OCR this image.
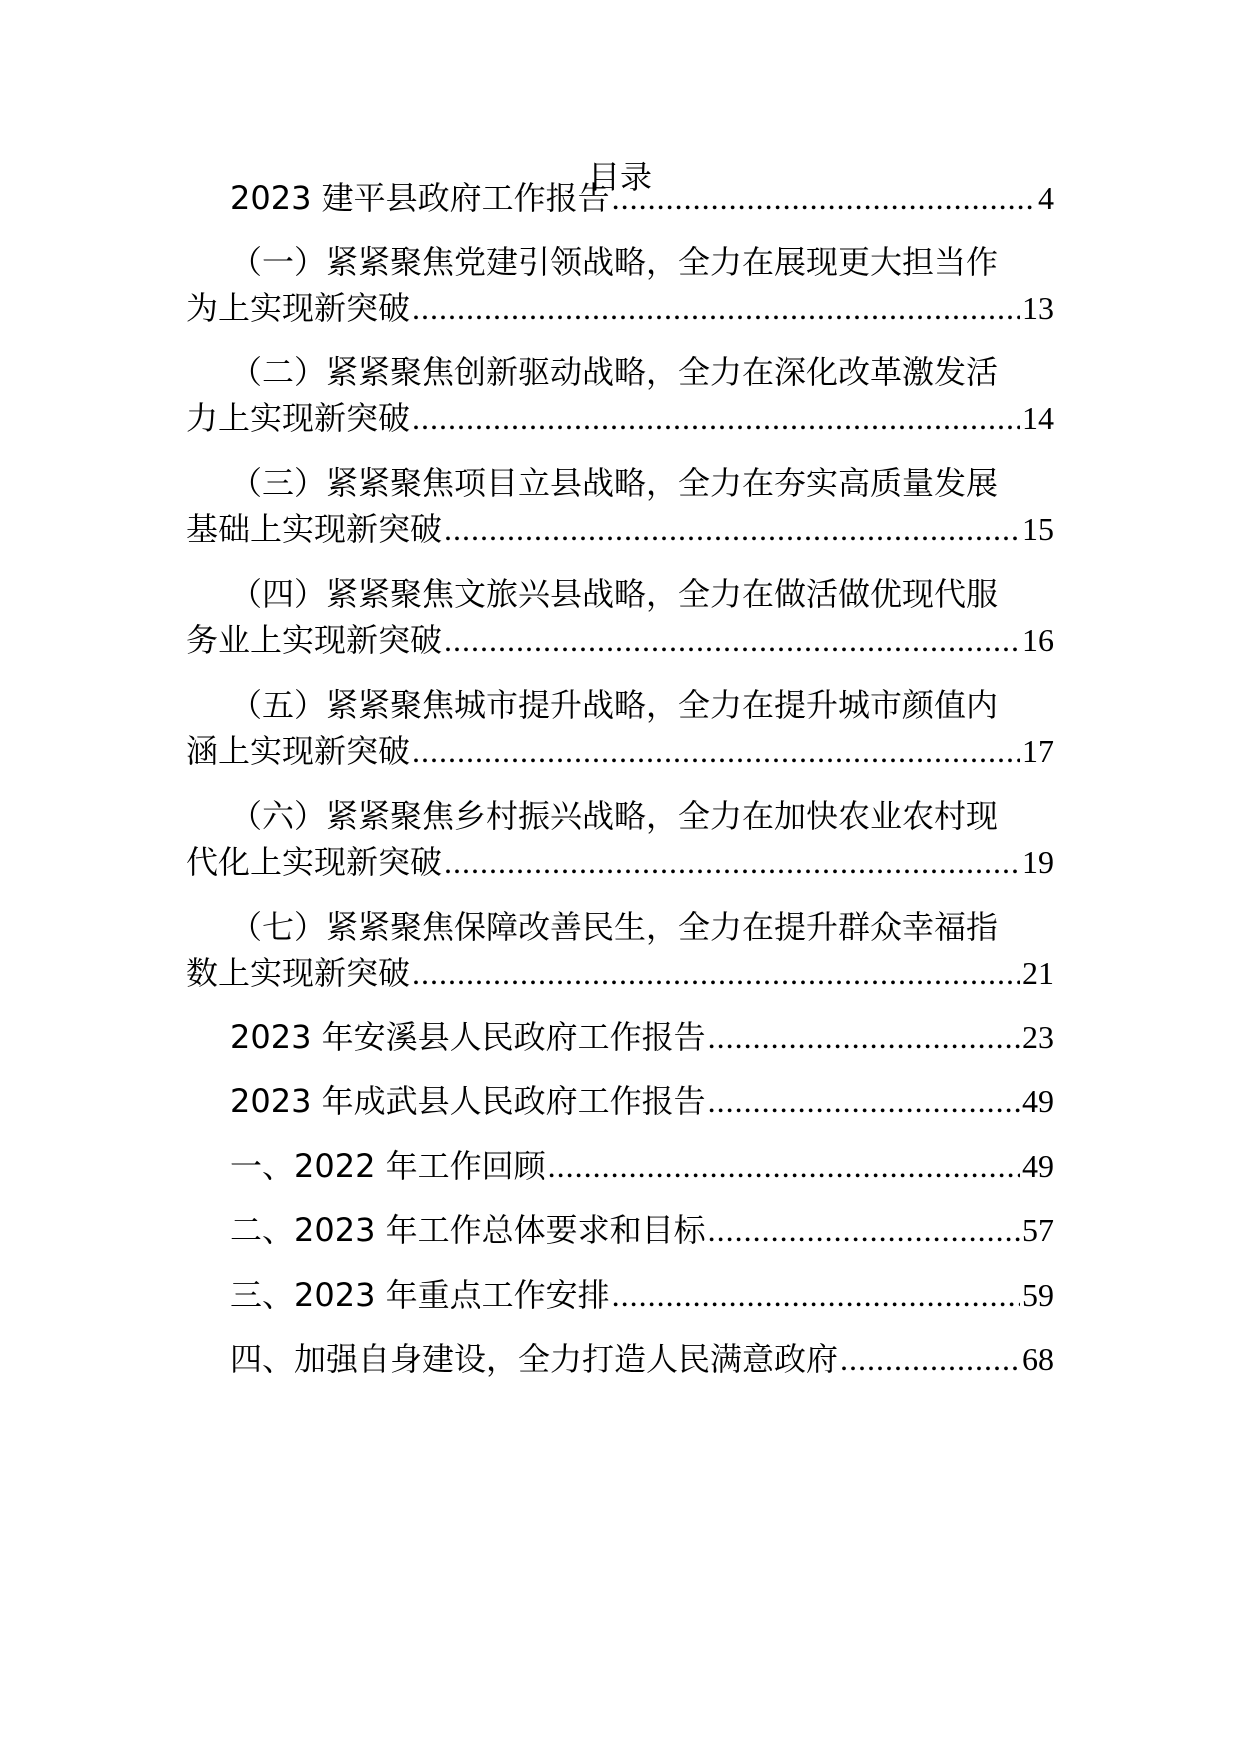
目录
2023 建平县政府工作报告 .....	4
（一）紧紧聚焦党建引领战略，全力在展现更大担当作
为上实现新突破 .....	13
（二）紧紧聚焦创新驱动战略，全力在深化改革激发活
力上实现新突破 .....	14
（三）紧紧聚焦项目立县战略，全力在夯实高质量发展
基础上实现新突破 .....	15
（四）紧紧聚焦文旅兴县战略，全力在做活做优现代服
务业上实现新突破 .....	16
（五）紧紧聚焦城市提升战略，全力在提升城市颜值内
涵上实现新突破 .....	17
（六）紧紧聚焦乡村振兴战略，全力在加快农业农村现
代化上实现新突破 .....	19
（七）紧紧聚焦保障改善民生，全力在提升群众幸福指
数上实现新突破 .....	21
2023 年安溪县人民政府工作报告 .....	23
2023 年成武县人民政府工作报告 .....	49
一、2022 年工作回顾 .....	49
二、2023 年工作总体要求和目标 .....	57
三、2023 年重点工作安排 .....	59
四、加强自身建设，全力打造人民满意政府 .....	68
